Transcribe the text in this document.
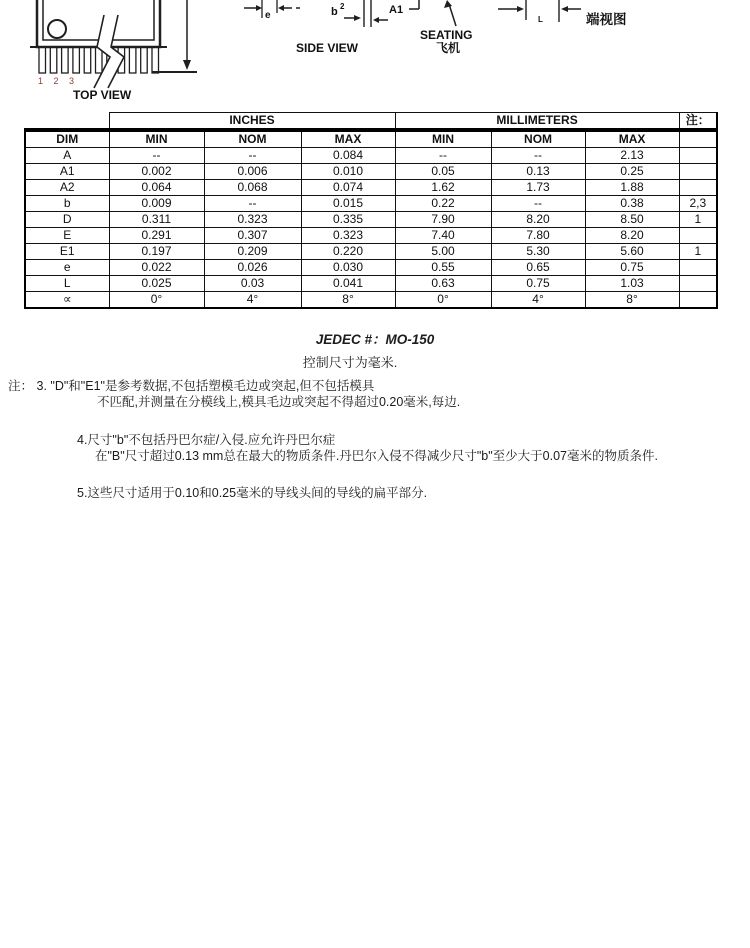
1 2 3
TOP VIEW
e	b 2
SIDE VIEW
A1
SEATING
飞机
L	端视图
	INCHES			MILLIMETERS			注：
DIM	MIN	NOM	MAX	MIN	NOM	MAX	
A	--	--	0.084	--	--	2.13	
A1	0.002	0.006	0.010	0.05	0.13	0.25	
A2	0.064	0.068	0.074	1.62	1.73	1.88	
b	0.009	--	0.015	0.22	--	0.38	2,3
D	0.311	0.323	0.335	7.90	8.20	8.50	1
E	0.291	0.307	0.323	7.40	7.80	8.20	
E1	0.197	0.209	0.220	5.00	5.30	5.60	1
e	0.022	0.026	0.030	0.55	0.65	0.75	
L	0.025	0.03	0.041	0.63	0.75	1.03	
∝	0°	4°	8°	0°	4°	8°	
JEDEC #：MO-150
控制尺寸为毫米.
注： 3. "D"和"E1"是参考数据,不包括塑模毛边或突起,但不包括模具
不匹配,并测量在分模线上,模具毛边或突起不得超过0.20毫米,每边.
4.尺寸"b"不包括丹巴尔症/入侵.应允许丹巴尔症
在"B"尺寸超过0.13 mm总在最大的物质条件.丹巴尔入侵不得减少尺寸"b"至少大于0.07毫米的物质条件.
5.这些尺寸适用于0.10和0.25毫米的导线头间的导线的扁平部分.
